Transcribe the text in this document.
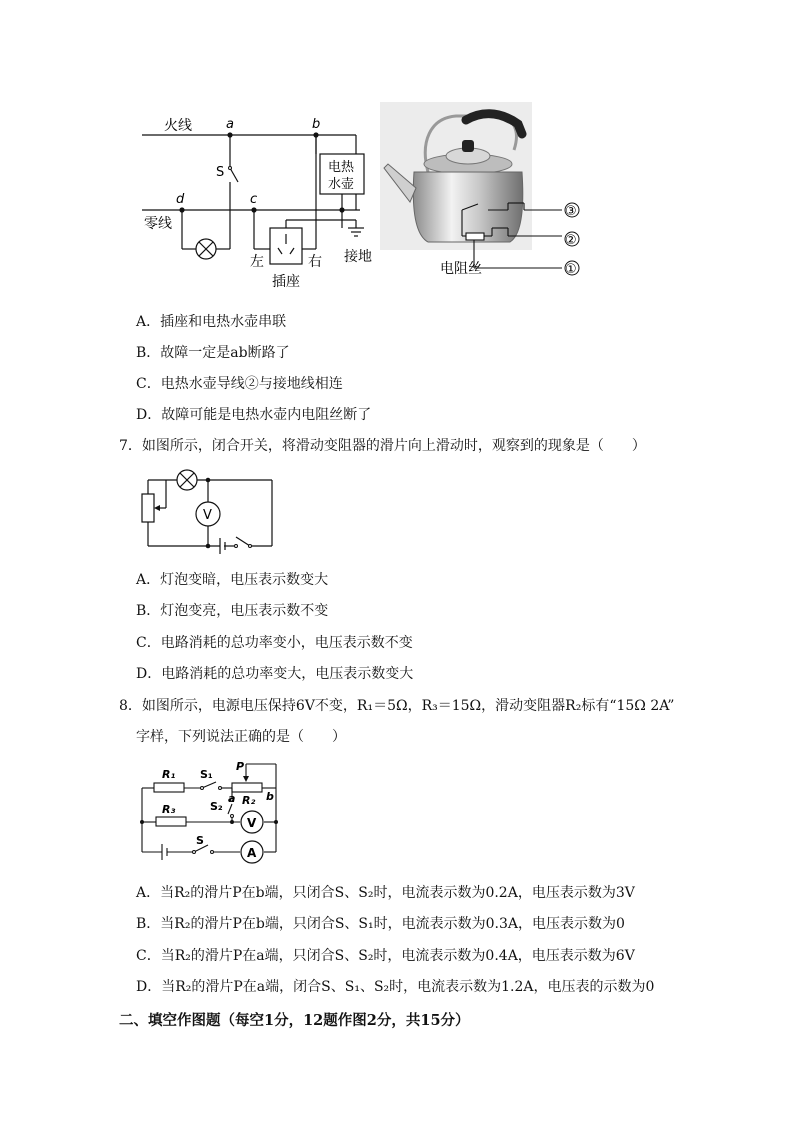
火线
零线
a	b
d	c
S	电热
水壶
接地
左	右
插座
③
②
①
电阻丝
A．插座和电热水壶串联
B．故障一定是ab断路了
C．电热水壶导线②与接地线相连
D．故障可能是电热水壶内电阻丝断了
7．如图所示，闭合开关，将滑动变阻器的滑片向上滑动时，观察到的现象是（　　）
V
A．灯泡变暗，电压表示数变大
B．灯泡变亮，电压表示数不变
C．电路消耗的总功率变小，电压表示数不变
D．电路消耗的总功率变大，电压表示数变大
8．如图所示，电源电压保持6V不变，R₁＝5Ω，R₃＝15Ω，滑动变阻器R₂标有“15Ω 2A”
字样，下列说法正确的是（　　）
R₁ S₁
P
a R₂ b
S₂
R₃
V
S
A
A．当R₂的滑片P在b端，只闭合S、S₂时，电流表示数为0.2A，电压表示数为3V
B．当R₂的滑片P在b端，只闭合S、S₁时，电流表示数为0.3A，电压表示数为0
C．当R₂的滑片P在a端，只闭合S、S₂时，电流表示数为0.4A，电压表示数为6V
D．当R₂的滑片P在a端，闭合S、S₁、S₂时，电流表示数为1.2A，电压表的示数为0
二、填空作图题（每空1分，12题作图2分，共15分）
